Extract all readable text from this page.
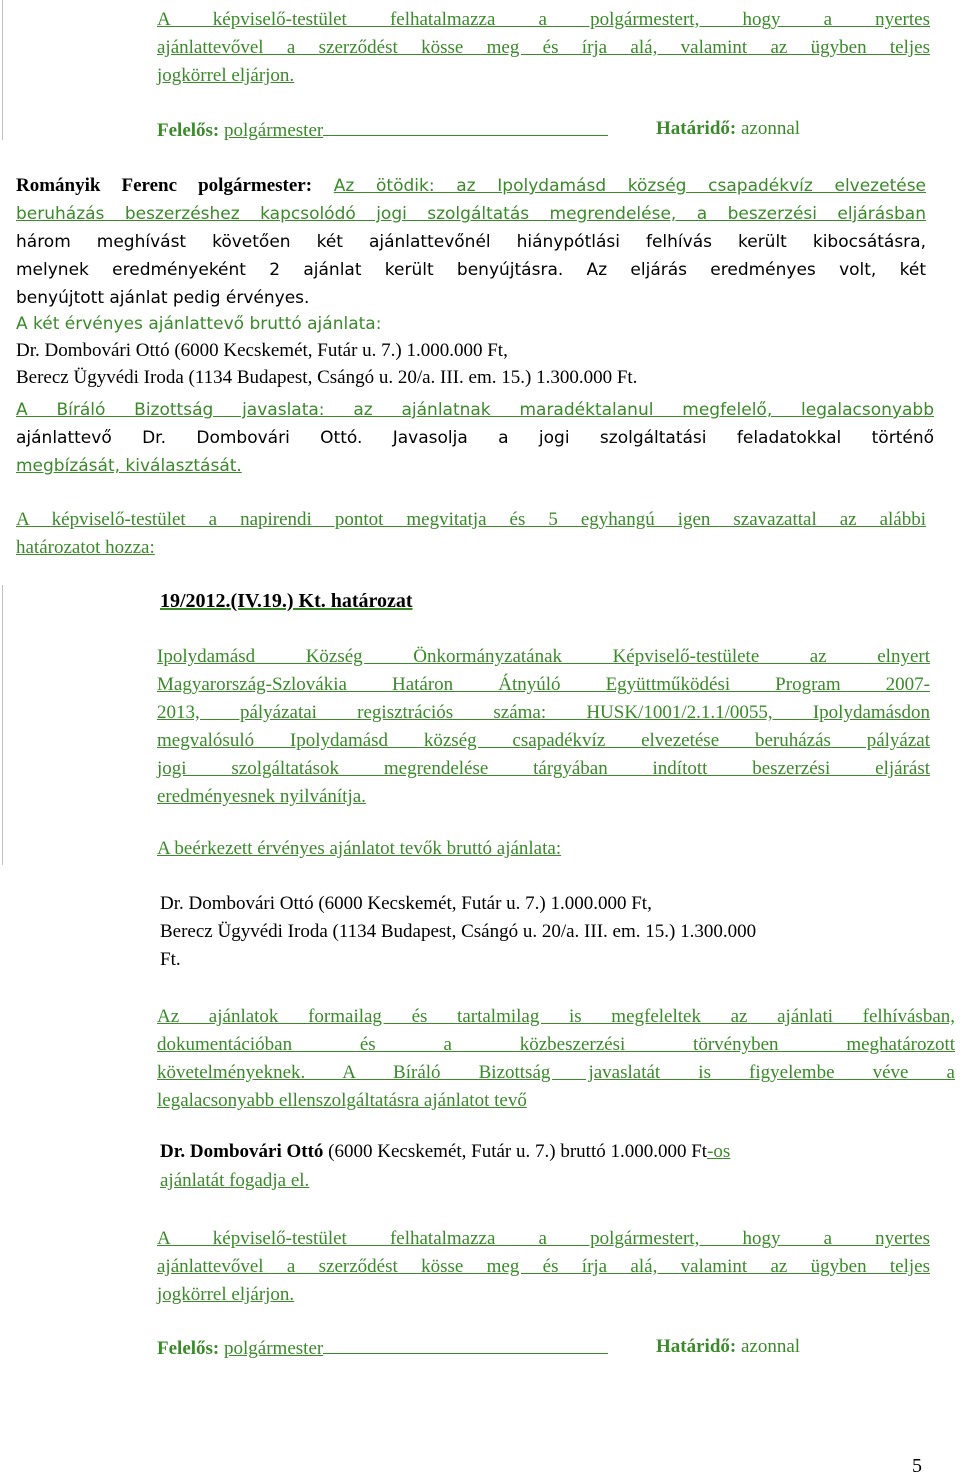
A képviselő-testület felhatalmazza a polgármestert, hogy a nyertes
ajánlattevővel a szerződést kösse meg és írja alá, valamint az ügyben teljes
jogkörrel eljárjon.
Felelős: polgármester	Határidő: azonnal
Rományik Ferenc polgármester: Az ötödik: az Ipolydamásd község csapadékvíz elvezetése
beruházás beszerzéshez kapcsolódó jogi szolgáltatás megrendelése, a beszerzési eljárásban
három meghívást követően két ajánlattevőnél hiánypótlási felhívás került kibocsátásra,
melynek eredményeként 2 ajánlat került benyújtásra. Az eljárás eredményes volt, két
benyújtott ajánlat pedig érvényes.
A két érvényes ajánlattevő bruttó ajánlata:
Dr. Dombovári Ottó (6000 Kecskemét, Futár u. 7.) 1.000.000 Ft,
Berecz Ügyvédi Iroda (1134 Budapest, Csángó u. 20/a. III. em. 15.) 1.300.000 Ft.
A Bíráló Bizottság javaslata: az ajánlatnak maradéktalanul megfelelő, legalacsonyabb
ajánlattevő Dr. Dombovári Ottó. Javasolja a jogi szolgáltatási feladatokkal történő
megbízását, kiválasztását.
A képviselő-testület a napirendi pontot megvitatja és 5 egyhangú igen szavazattal az alábbi
határozatot hozza:
19/2012.(IV.19.) Kt. határozat
Ipolydamásd Község Önkormányzatának Képviselő-testülete az elnyert
Magyarország-Szlovákia Határon Átnyúló Együttműködési Program 2007-
2013, pályázatai regisztrációs száma: HUSK/1001/2.1.1/0055, Ipolydamásdon
megvalósuló Ipolydamásd község csapadékvíz elvezetése beruházás pályázat
jogi szolgáltatások megrendelése tárgyában indított beszerzési eljárást
eredményesnek nyilvánítja.
A beérkezett érvényes ajánlatot tevők bruttó ajánlata:
Dr. Dombovári Ottó (6000 Kecskemét, Futár u. 7.) 1.000.000 Ft,
Berecz Ügyvédi Iroda (1134 Budapest, Csángó u. 20/a. III. em. 15.) 1.300.000
Ft.
Az ajánlatok formailag és tartalmilag is megfeleltek az ajánlati felhívásban,
dokumentációban és a közbeszerzési törvényben meghatározott
követelményeknek. A Bíráló Bizottság javaslatát is figyelembe véve a
legalacsonyabb ellenszolgáltatásra ajánlatot tevő
Dr. Dombovári Ottó (6000 Kecskemét, Futár u. 7.) bruttó 1.000.000 Ft-os
ajánlatát fogadja el.
A képviselő-testület felhatalmazza a polgármestert, hogy a nyertes
ajánlattevővel a szerződést kösse meg és írja alá, valamint az ügyben teljes
jogkörrel eljárjon.
Felelős: polgármester	Határidő: azonnal
5
